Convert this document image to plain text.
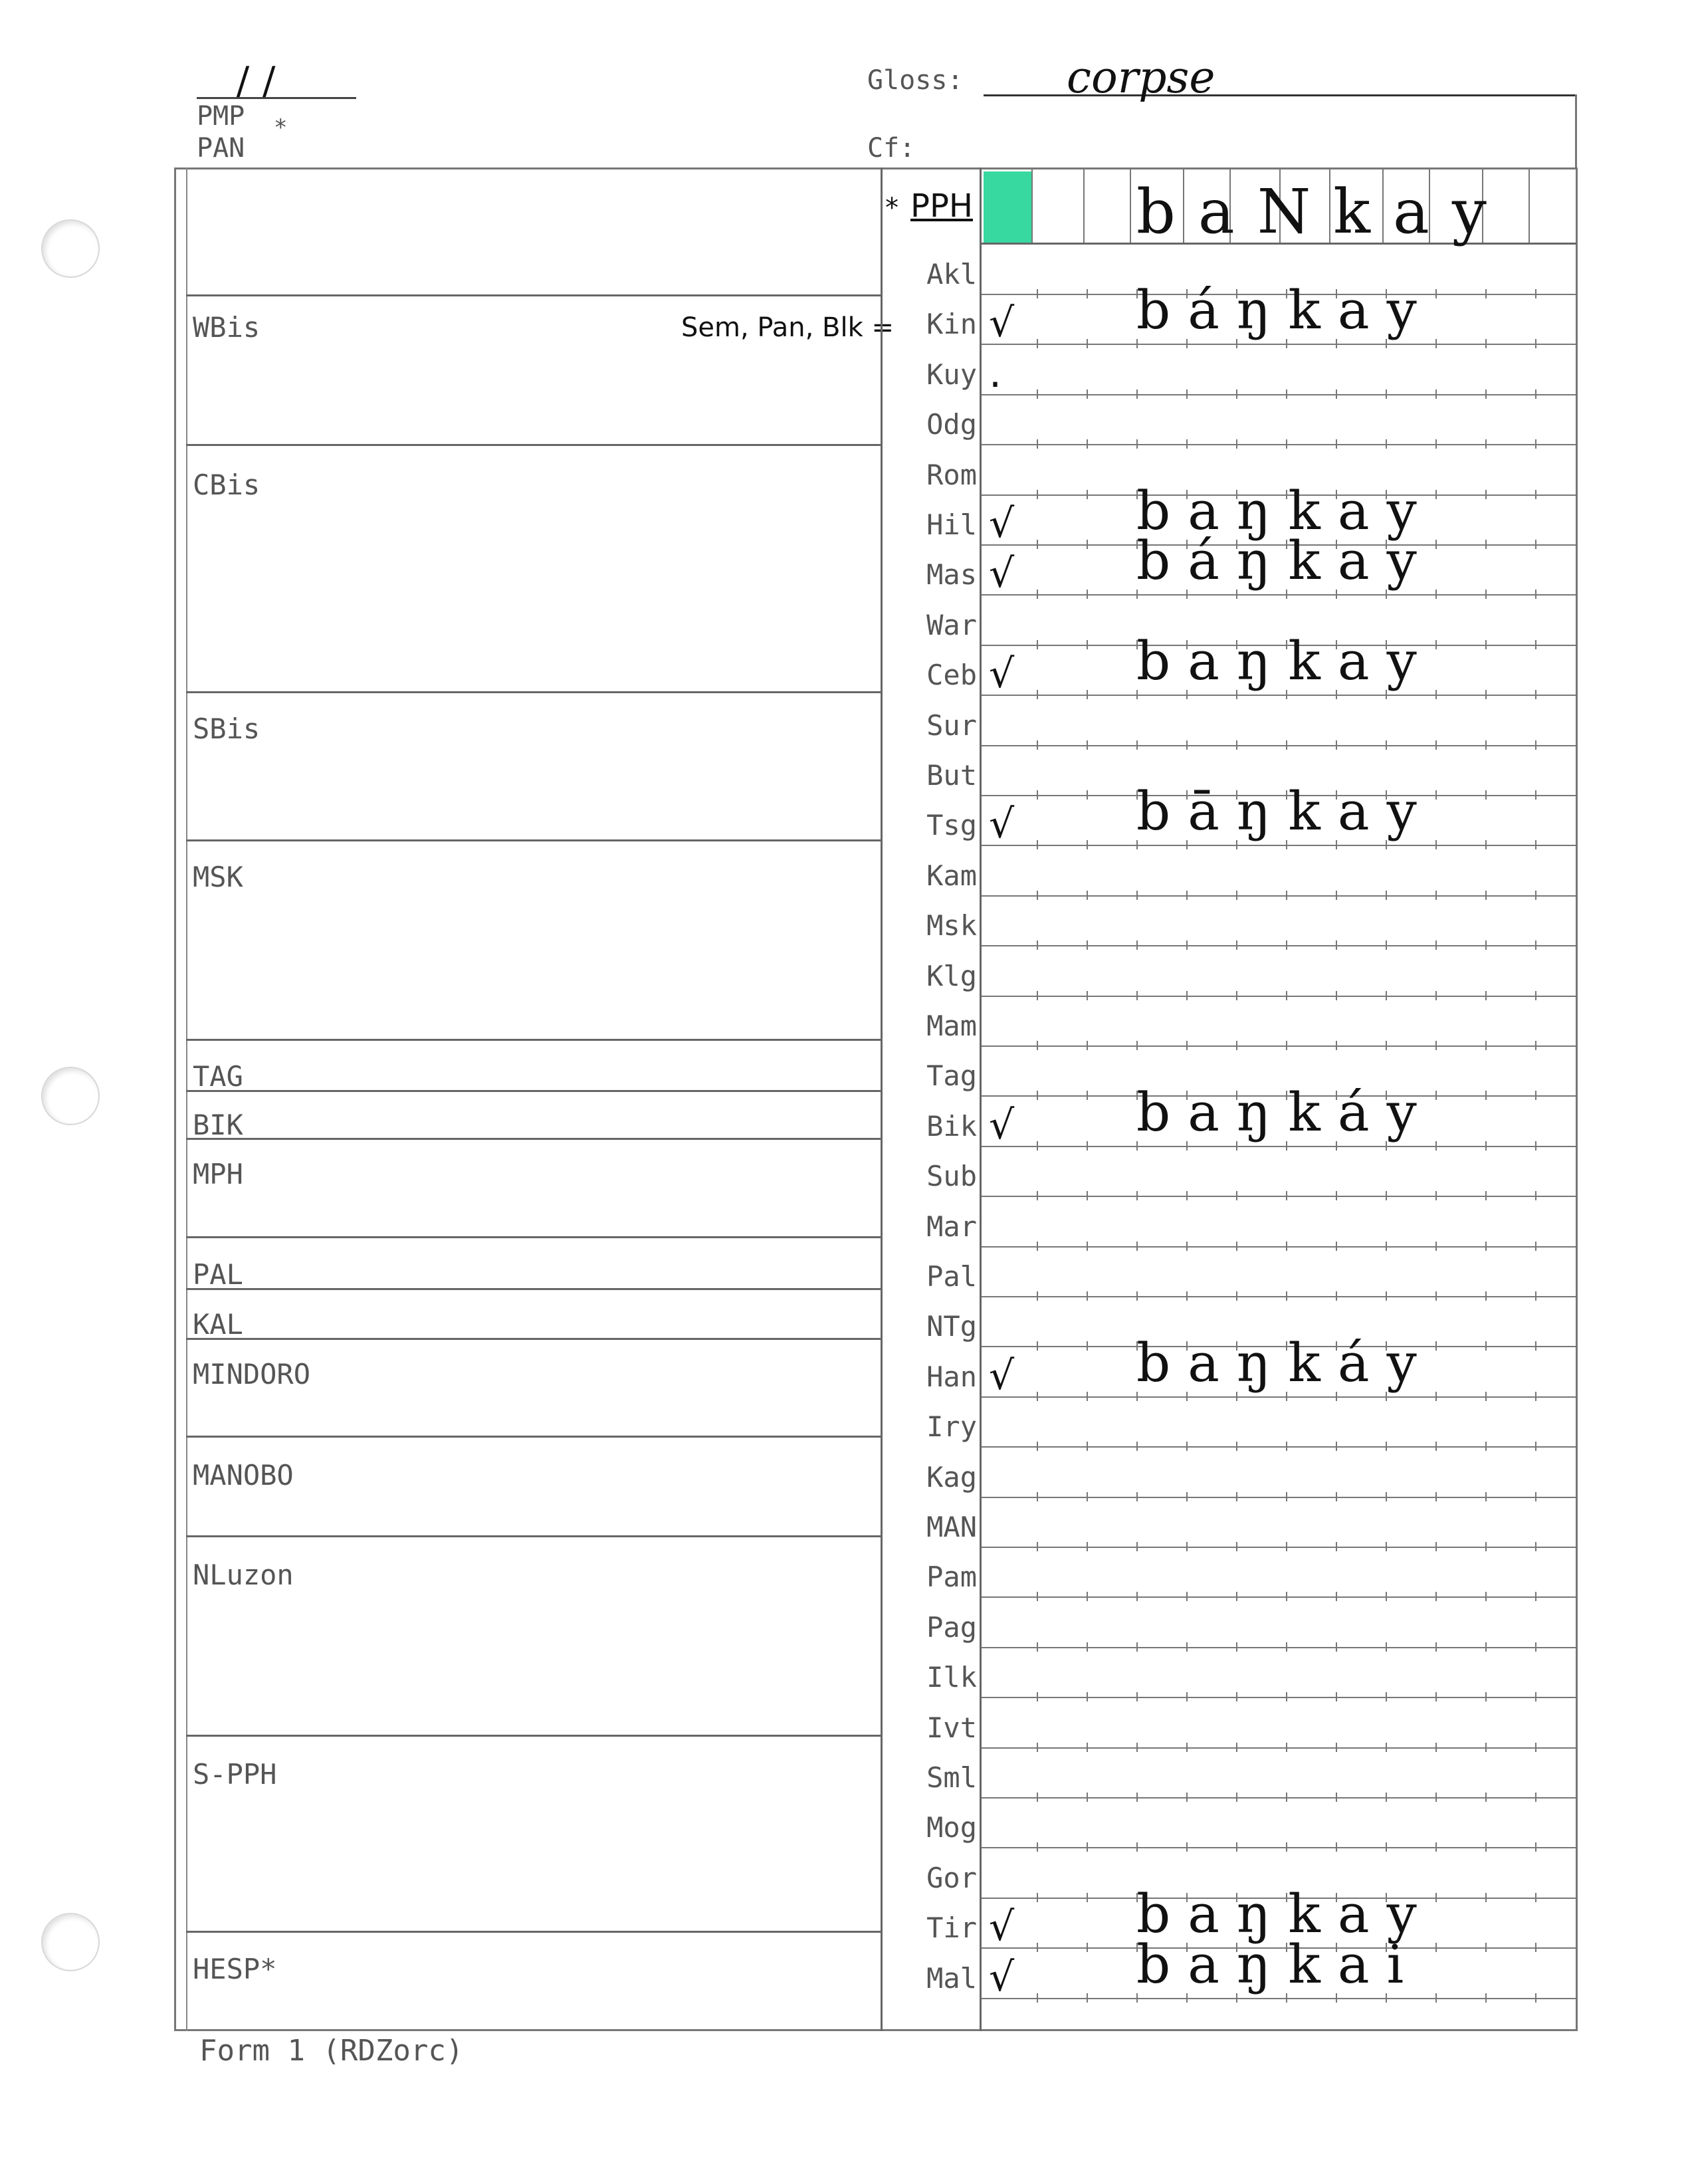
/ /
PMP *
PAN
Gloss: corpse
Cf:
WBis
CBis
SBis
MSK
TAG
BIK
MPH
PAL
KAL
MINDORO
MANOBO
NLuzon
S-PPH
HESP*
Sem, Pan, Blk =
* PPH	baNkay
Akl
Kin √ báŋkay
Kuy .
Odg
Rom
Hil √ baŋkay
Mas √ báŋkay
War
Ceb √ baŋkay
Sur
But
Tsg √ bāŋkay
Kam
Msk
Klg
Mam
Tag
Bik √ baŋkáy
Sub
Mar
Pal
NTg
Han √ baŋkáy
Iry
Kag
MAN
Pam
Pag
Ilk
Ivt
Sml
Mog
Gor
Tir √ baŋkay
Mal √ baŋkai
Form 1 (RDZorc)
